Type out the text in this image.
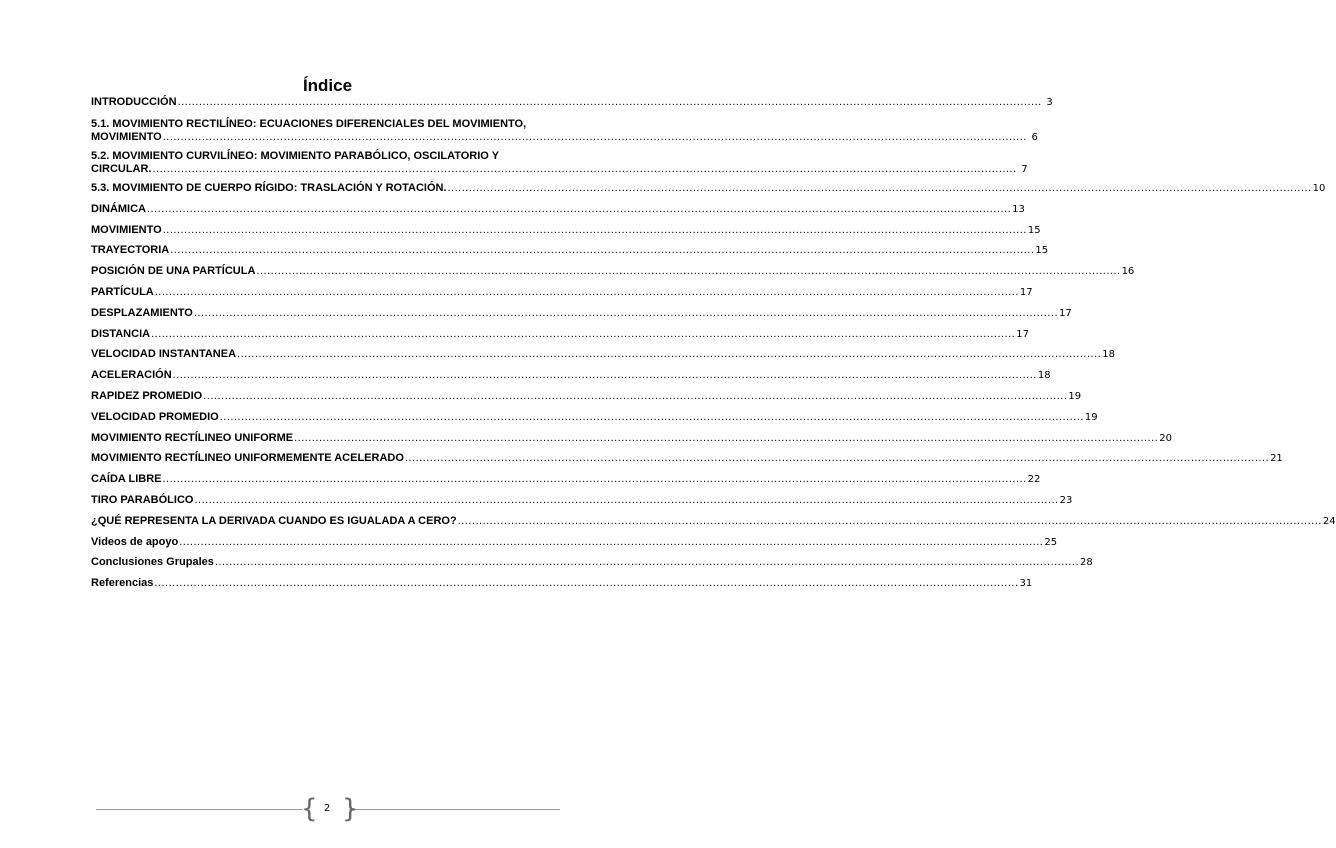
Índice
INTRODUCCIÓN .....	3
5.1. MOVIMIENTO RECTILÍNEO: ECUACIONES DIFERENCIALES DEL MOVIMIENTO,
MOVIMIENTO .....	6
5.2. MOVIMIENTO CURVILÍNEO: MOVIMIENTO PARABÓLICO, OSCILATORIO Y
CIRCULAR. .....	7
5.3. MOVIMIENTO DE CUERPO RÍGIDO: TRASLACIÓN Y ROTACIÓN. .....	10
DINÁMICA .....	13
MOVIMIENTO .....	15
TRAYECTORIA .....	15
POSICIÓN DE UNA PARTÍCULA .....	16
PARTÍCULA .....	17
DESPLAZAMIENTO .....	17
DISTANCIA .....	17
VELOCIDAD INSTANTANEA .....	18
ACELERACIÓN .....	18
RAPIDEZ PROMEDIO .....	19
VELOCIDAD PROMEDIO .....	19
MOVIMIENTO RECTÍLINEO UNIFORME .....	20
MOVIMIENTO RECTÍLINEO UNIFORMEMENTE ACELERADO .....	21
CAÍDA LIBRE .....	22
TIRO PARABÓLICO .....	23
¿QUÉ REPRESENTA LA DERIVADA CUANDO ES IGUALADA A CERO? .....	24
Videos de apoyo .....	25
Conclusiones Grupales .....	28
Referencias .....	31
{ }
2
